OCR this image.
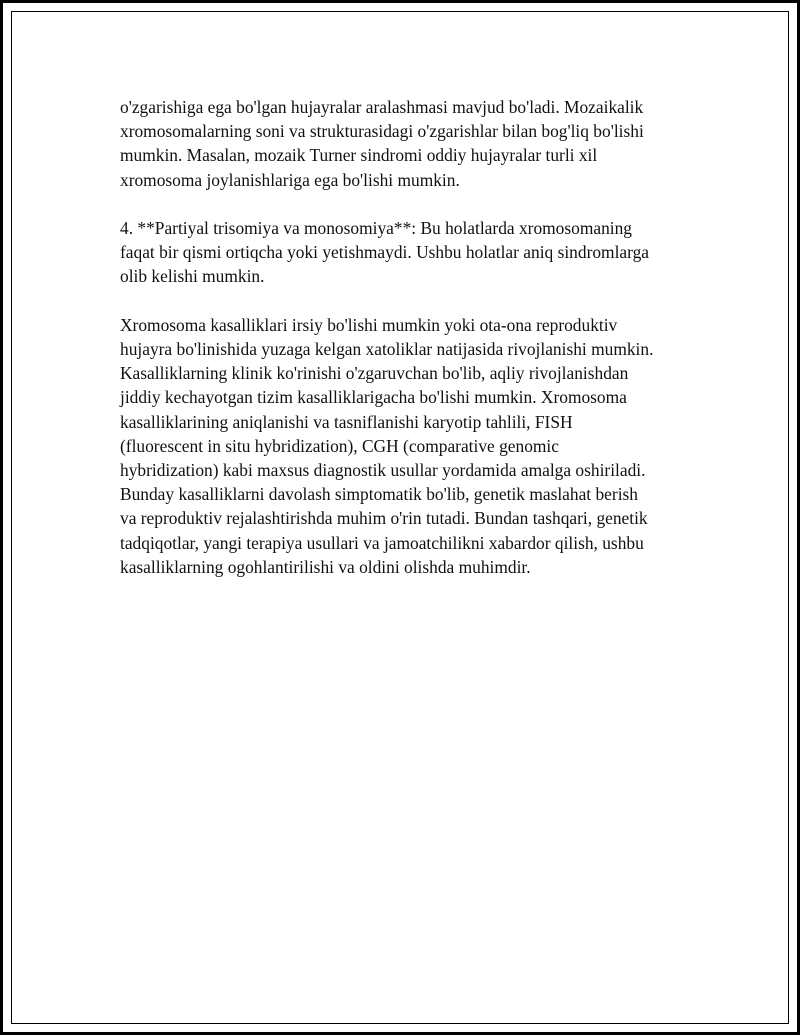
o'zgarishiga ega bo'lgan hujayralar aralashmasi mavjud bo'ladi. Mozaikalik
xromosomalarning soni va strukturasidagi o'zgarishlar bilan bog'liq bo'lishi
mumkin. Masalan, mozaik Turner sindromi oddiy hujayralar turli xil
xromosoma joylanishlariga ega bo'lishi mumkin.

4. **Partiyal trisomiya va monosomiya**: Bu holatlarda xromosomaning
faqat bir qismi ortiqcha yoki yetishmaydi. Ushbu holatlar aniq sindromlarga
olib kelishi mumkin.

Xromosoma kasalliklari irsiy bo'lishi mumkin yoki ota-ona reproduktiv
hujayra bo'linishida yuzaga kelgan xatoliklar natijasida rivojlanishi mumkin.
Kasalliklarning klinik ko'rinishi o'zgaruvchan bo'lib, aqliy rivojlanishdan
jiddiy kechayotgan tizim kasalliklarigacha bo'lishi mumkin. Xromosoma
kasalliklarining aniqlanishi va tasniflanishi karyotip tahlili, FISH
(fluorescent in situ hybridization), CGH (comparative genomic
hybridization) kabi maxsus diagnostik usullar yordamida amalga oshiriladi.
Bunday kasalliklarni davolash simptomatik bo'lib, genetik maslahat berish
va reproduktiv rejalashtirishda muhim o'rin tutadi. Bundan tashqari, genetik
tadqiqotlar, yangi terapiya usullari va jamoatchilikni xabardor qilish, ushbu
kasalliklarning ogohlantirilishi va oldini olishda muhimdir.
